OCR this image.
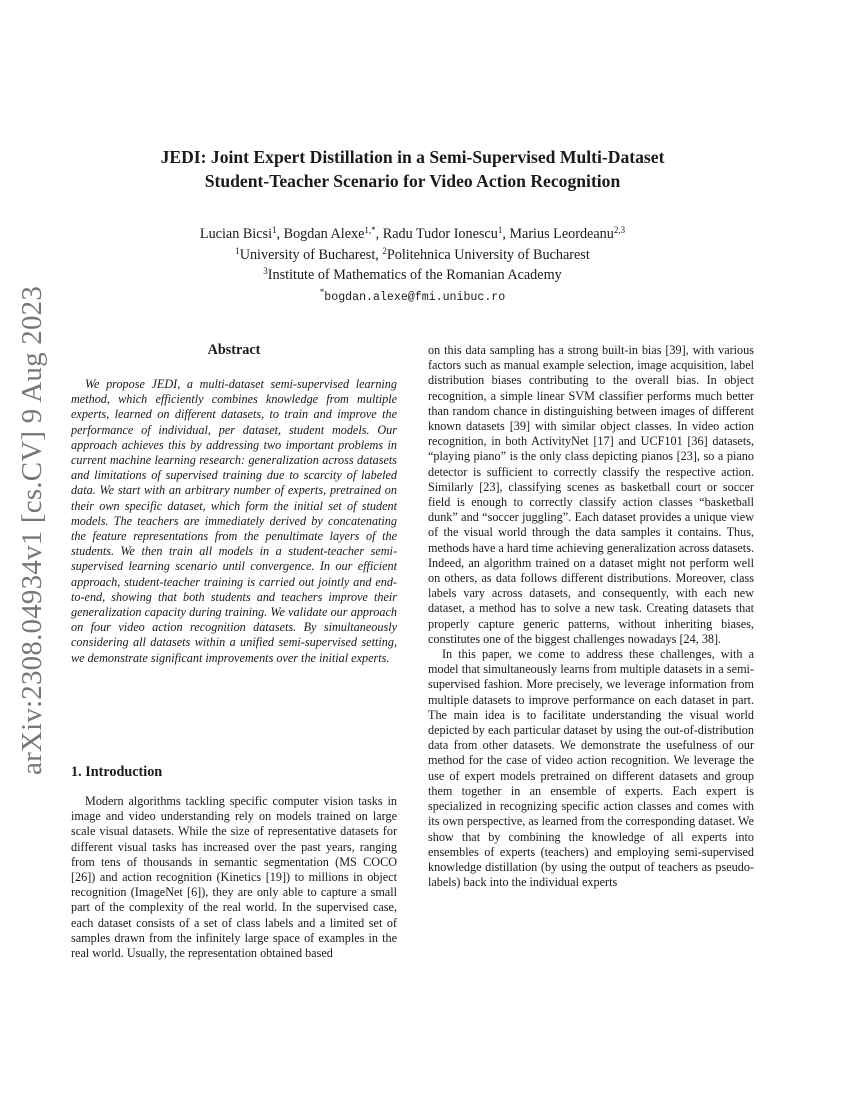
arXiv:2308.04934v1 [cs.CV] 9 Aug 2023
JEDI: Joint Expert Distillation in a Semi-Supervised Multi-Dataset
Student-Teacher Scenario for Video Action Recognition
Lucian Bicsi$^1$, Bogdan Alexe$^{1,*}$, Radu Tudor Ionescu$^1$, Marius Leordeanu$^{2,3}$
$^1$University of Bucharest, $^2$Politehnica University of Bucharest
$^3$Institute of Mathematics of the Romanian Academy
*bogdan.alexe@fmi.unibuc.ro
Abstract

We propose JEDI, a multi-dataset semi-supervised learning method, which efficiently combines knowledge from multiple experts, learned on different datasets, to train and improve the performance of individual, per dataset, student models. Our approach achieves this by addressing two important problems in current machine learning research: generalization across datasets and limitations of supervised training due to scarcity of labeled data. We start with an arbitrary number of experts, pretrained on their own specific dataset, which form the initial set of student models. The teachers are immediately derived by concatenating the feature representations from the penultimate layers of the students. We then train all models in a student-teacher semi-supervised learning scenario until convergence. In our efficient approach, student-teacher training is carried out jointly and end-to-end, showing that both students and teachers improve their generalization capacity during training. We validate our approach on four video action recognition datasets. By simultaneously considering all datasets within a unified semi-supervised setting, we demonstrate significant improvements over the initial experts.

1. Introduction

Modern algorithms tackling specific computer vision tasks in image and video understanding rely on models trained on large scale visual datasets. While the size of representative datasets for different visual tasks has increased over the past years, ranging from tens of thousands in semantic segmentation (MS COCO [26]) and action recognition (Kinetics [19]) to millions in object recognition (ImageNet [6]), they are only able to capture a small part of the complexity of the real world. In the supervised case, each dataset consists of a set of class labels and a limited set of samples drawn from the infinitely large space of examples in the real world. Usually, the representation obtained based

on this data sampling has a strong built-in bias [39], with various factors such as manual example selection, image acquisition, label distribution biases contributing to the overall bias. In object recognition, a simple linear SVM classifier performs much better than random chance in distinguishing between images of different known datasets [39] with similar object classes. In video action recognition, in both ActivityNet [17] and UCF101 [36] datasets, “playing piano” is the only class depicting pianos [23], so a piano detector is sufficient to correctly classify the respective action. Similarly [23], classifying scenes as basketball court or soccer field is enough to correctly classify action classes “basketball dunk” and “soccer juggling”. Each dataset provides a unique view of the visual world through the data samples it contains. Thus, methods have a hard time achieving generalization across datasets. Indeed, an algorithm trained on a dataset might not perform well on others, as data follows different distributions. Moreover, class labels vary across datasets, and consequently, with each new dataset, a method has to solve a new task. Creating datasets that properly capture generic patterns, without inheriting biases, constitutes one of the biggest challenges nowadays [24, 38].

In this paper, we come to address these challenges, with a model that simultaneously learns from multiple datasets in a semi-supervised fashion. More precisely, we leverage information from multiple datasets to improve performance on each dataset in part. The main idea is to facilitate understanding the visual world depicted by each particular dataset by using the out-of-distribution data from other datasets. We demonstrate the usefulness of our method for the case of video action recognition. We leverage the use of expert models pretrained on different datasets and group them together in an ensemble of experts. Each expert is specialized in recognizing specific action classes and comes with its own perspective, as learned from the corresponding dataset. We show that by combining the knowledge of all experts into ensembles of experts (teachers) and employing semi-supervised knowledge distillation (by using the output of teachers as pseudo-labels) back into the individual experts
